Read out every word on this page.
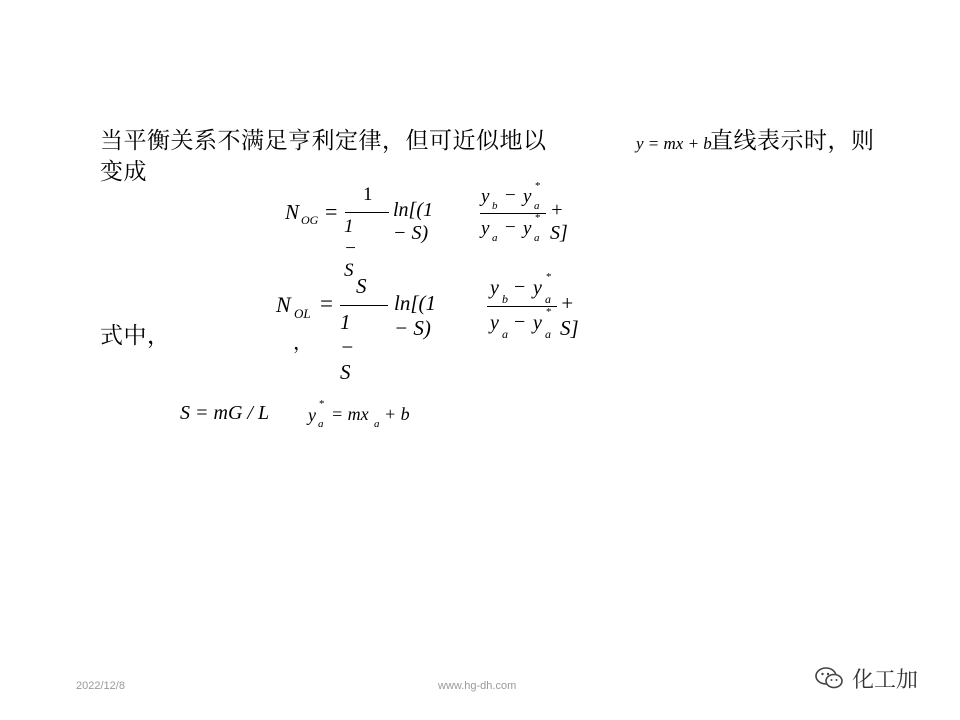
当平衡关系不满足亨利定律，但可近似地以	y = mx + b
直线表示时，则
变成
N OG =
1
1 − S
ln[(1 − S)
y b − y a
*
y a − y a
* + S]
N OL =
S
1 − S
ln[(1 − S)
y b
− y a
*
y a
− y a
* + S]
式中，	，
S = mG / L y a
* = mx a + b
2022/12/8	www.hg-dh.com	化工加
